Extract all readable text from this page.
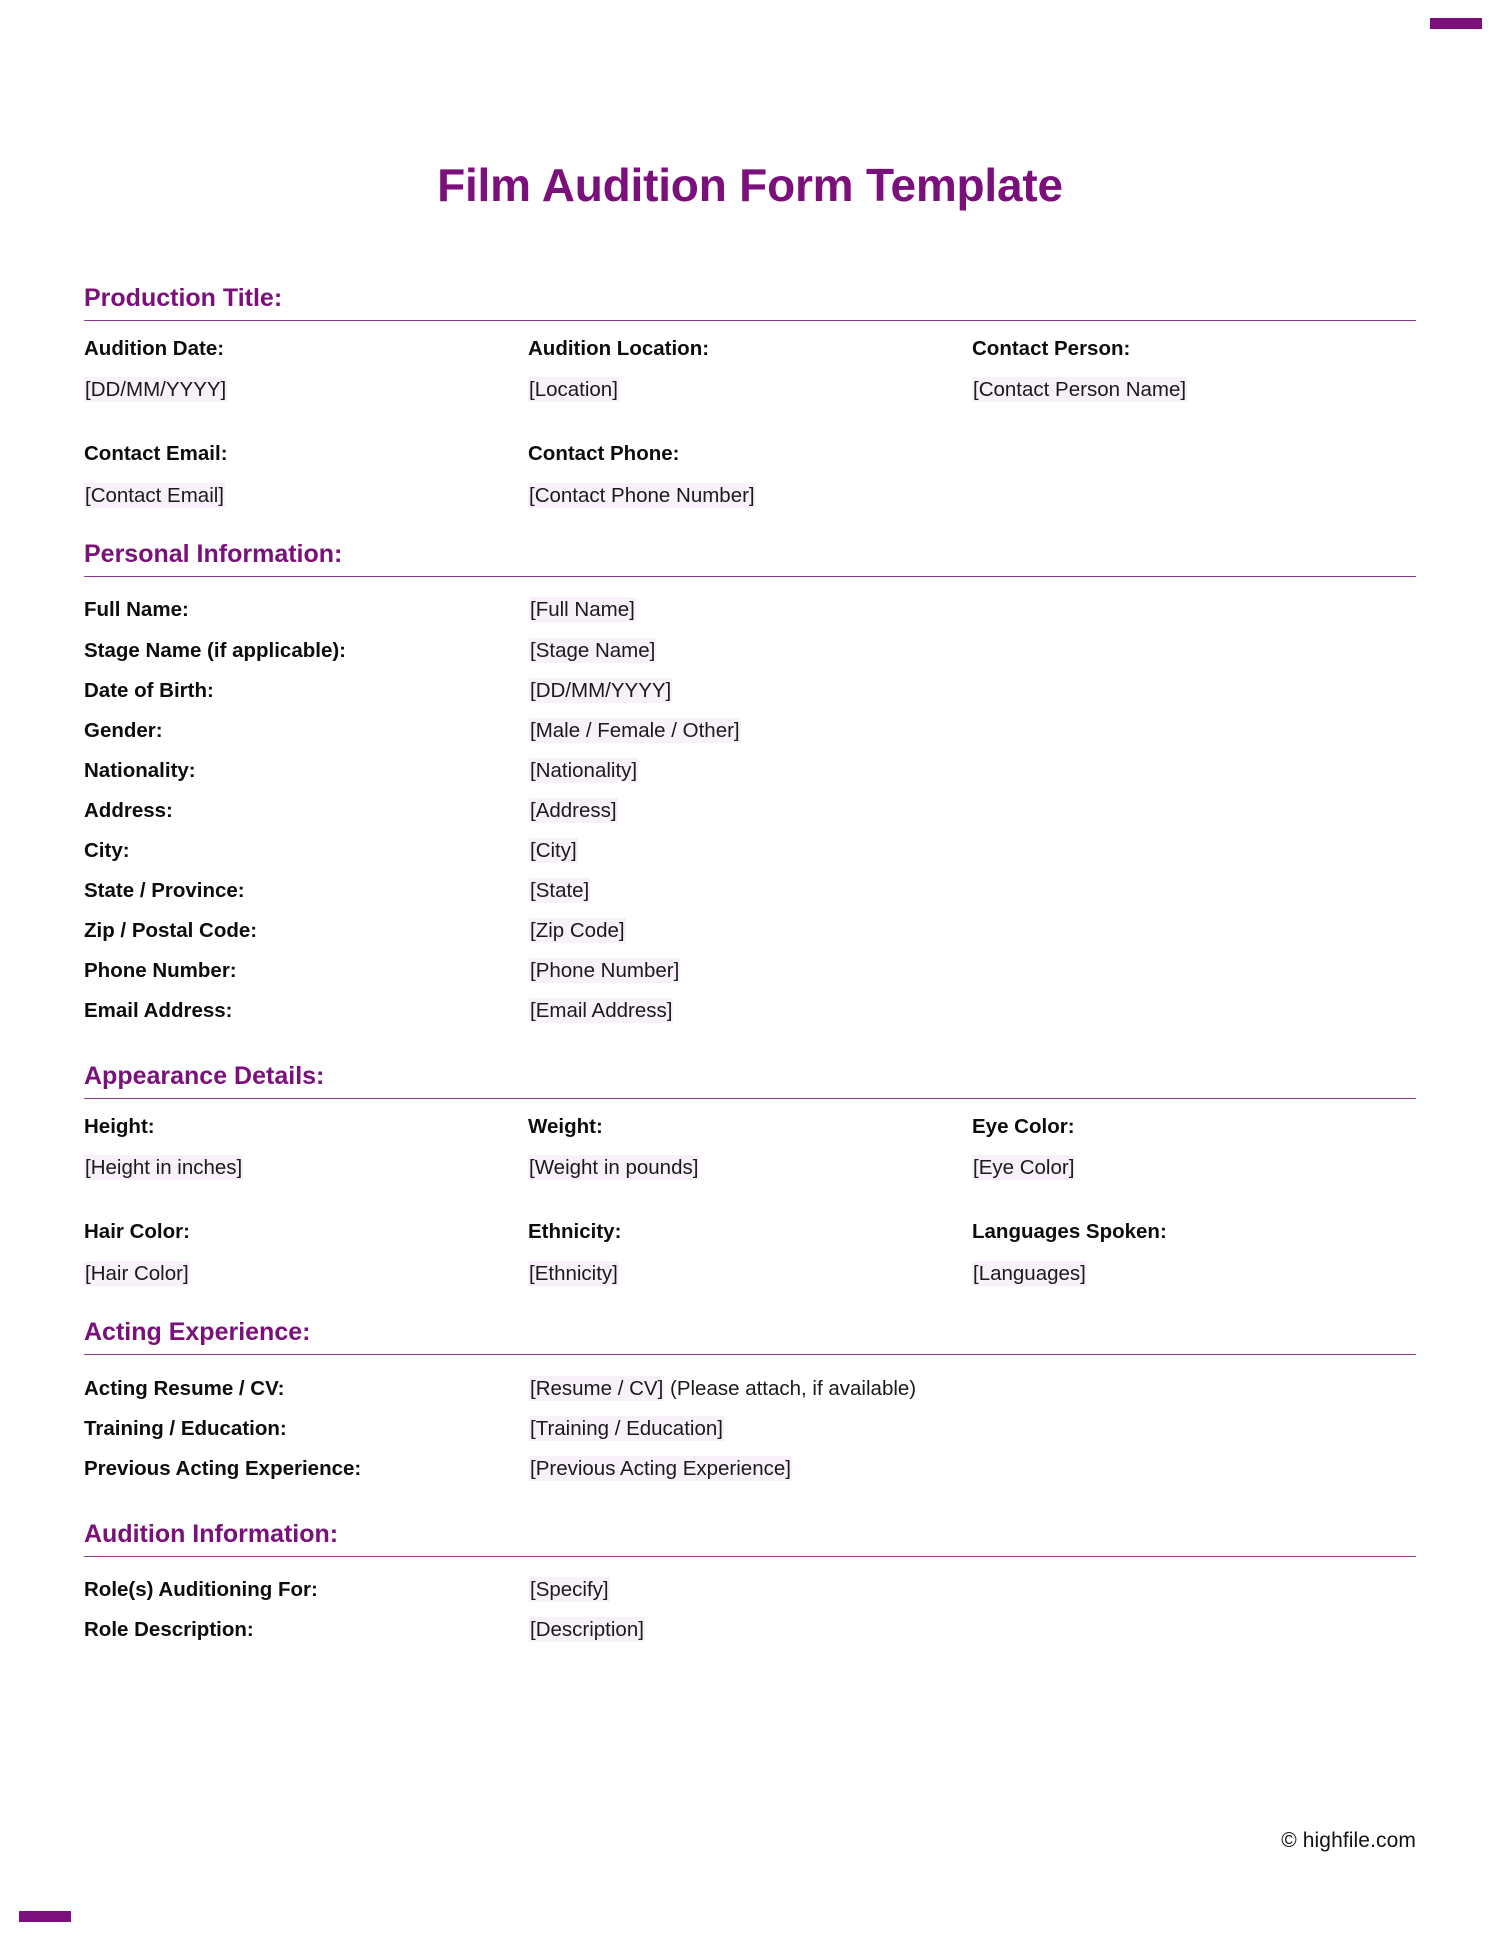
Film Audition Form Template
Production Title:
Audition Date:
[DD/MM/YYYY]
Audition Location:
[Location]
Contact Person:
[Contact Person Name]
Contact Email:
[Contact Email]
Contact Phone:
[Contact Phone Number]
Personal Information:
Full Name:	[Full Name]
Stage Name (if applicable):	[Stage Name]
Date of Birth:	[DD/MM/YYYY]
Gender:	[Male / Female / Other]
Nationality:	[Nationality]
Address:	[Address]
City:	[City]
State / Province:	[State]
Zip / Postal Code:	[Zip Code]
Phone Number:	[Phone Number]
Email Address:	[Email Address]
Appearance Details:
Height:
[Height in inches]
Weight:
[Weight in pounds]
Eye Color:
[Eye Color]
Hair Color:
[Hair Color]
Ethnicity:
[Ethnicity]
Languages Spoken:
[Languages]
Acting Experience:
Acting Resume / CV:	[Resume / CV] (Please attach, if available)
Training / Education:	[Training / Education]
Previous Acting Experience:	[Previous Acting Experience]
Audition Information:
Role(s) Auditioning For:	[Specify]
Role Description:	[Description]
© highfile.com
